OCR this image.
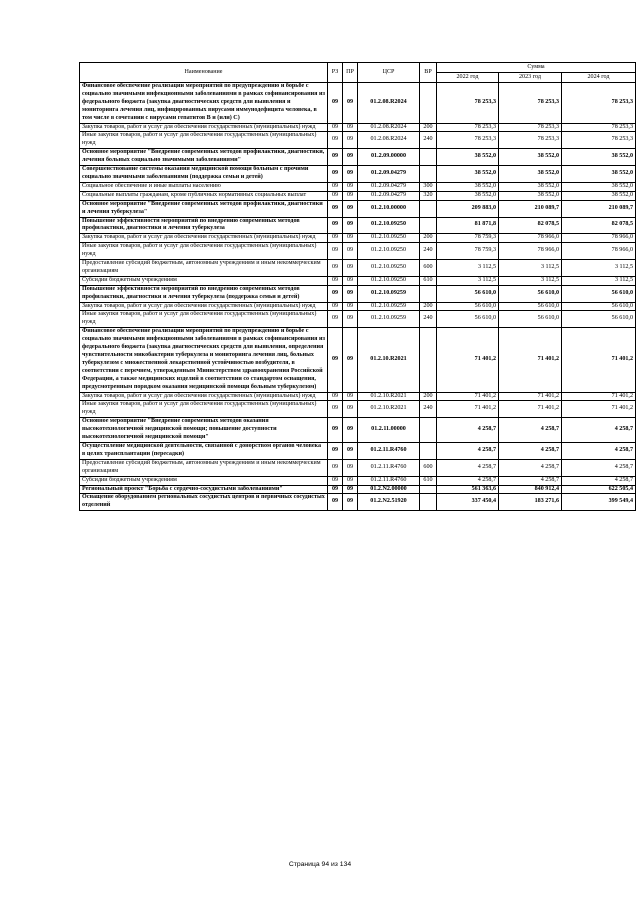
Наименование	РЗ	ПР	ЦСР	ВР	Сумма		
					2022 год	2023 год	2024 год
Финансовое обеспечение реализации мероприятий по предупреждению и борьбе с социально значимыми инфекционными заболеваниями в рамках софинансирования из федерального бюджета (закупка диагностических средств для выявления и мониторинга лечения лиц, инфицированных вирусами иммунодефицита человека, в том числе в сочетании с вирусами гепатитов В и (или) С)	09	09	01.2.08.R2024		78 253,3	78 253,3	78 253,3
Закупка товаров, работ и услуг для обеспечения государственных (муниципальных) нужд	09	09	01.2.08.R2024	200	78 253,3	78 253,3	78 253,3
Иные закупки товаров, работ и услуг для обеспечения государственных (муниципальных) нужд	09	09	01.2.08.R2024	240	78 253,3	78 253,3	78 253,3
Основное мероприятие "Внедрение современных методов профилактики, диагностики, лечения больных социально значимыми заболеваниями"	09	09	01.2.09.00000		38 552,0	38 552,0	38 552,0
Совершенствование системы оказания медицинской помощи больным с прочими социально значимыми заболеваниями (поддержка семьи и детей)	09	09	01.2.09.04279		38 552,0	38 552,0	38 552,0
Социальное обеспечение и иные выплаты населению	09	09	01.2.09.04279	300	38 552,0	38 552,0	38 552,0
Социальные выплаты гражданам, кроме публичных нормативных социальных выплат	09	09	01.2.09.04279	320	38 552,0	38 552,0	38 552,0
Основное мероприятие "Внедрение современных методов профилактики, диагностики и лечения туберкулеза"	09	09	01.2.10.00000		209 883,0	210 089,7	210 089,7
Повышение эффективности мероприятий по внедрению современных методов профилактики, диагностики и лечения туберкулеза	09	09	01.2.10.09250		81 871,8	82 078,5	82 078,5
Закупка товаров, работ и услуг для обеспечения государственных (муниципальных) нужд	09	09	01.2.10.09250	200	78 759,3	78 966,0	78 966,0
Иные закупки товаров, работ и услуг для обеспечения государственных (муниципальных) нужд	09	09	01.2.10.09250	240	78 759,3	78 966,0	78 966,0
Предоставление субсидий бюджетным, автономным учреждениям и иным некоммерческим организациям	09	09	01.2.10.09250	600	3 112,5	3 112,5	3 112,5
Субсидии бюджетным учреждениям	09	09	01.2.10.09250	610	3 112,5	3 112,5	3 112,5
Повышение эффективности мероприятий по внедрению современных методов профилактики, диагностики и лечения туберкулеза (поддержка семьи и детей)	09	09	01.2.10.09259		56 610,0	56 610,0	56 610,0
Закупка товаров, работ и услуг для обеспечения государственных (муниципальных) нужд	09	09	01.2.10.09259	200	56 610,0	56 610,0	56 610,0
Иные закупки товаров, работ и услуг для обеспечения государственных (муниципальных) нужд	09	09	01.2.10.09259	240	56 610,0	56 610,0	56 610,0
Финансовое обеспечение реализации мероприятий по предупреждению и борьбе с социально значимыми инфекционными заболеваниями в рамках софинансирования из федерального бюджета (закупка диагностических средств для выявления, определения чувствительности микобактерии туберкулеза и мониторинга лечения лиц, больных туберкулезом с множественной лекарственной устойчивостью возбудителя, в соответствии с перечнем, утвержденным Министерством здравоохранения Российской Федерации, а также медицинских изделий в соответствии со стандартом оснащения, предусмотренным порядком оказания медицинской помощи больным туберкулезом)	09	09	01.2.10.R2021		71 401,2	71 401,2	71 401,2
Закупка товаров, работ и услуг для обеспечения государственных (муниципальных) нужд	09	09	01.2.10.R2021	200	71 401,2	71 401,2	71 401,2
Иные закупки товаров, работ и услуг для обеспечения государственных (муниципальных) нужд	09	09	01.2.10.R2021	240	71 401,2	71 401,2	71 401,2
Основное мероприятие "Внедрение современных методов оказания высокотехнологичной медицинской помощи; повышение доступности высокотехнологичной медицинской помощи"	09	09	01.2.11.00000		4 258,7	4 258,7	4 258,7
Осуществление медицинской деятельности, связанной с донорством органов человека в целях трансплантации (пересадки)	09	09	01.2.11.R4760		4 258,7	4 258,7	4 258,7
Предоставление субсидий бюджетным, автономным учреждениям и иным некоммерческим организациям	09	09	01.2.11.R4760	600	4 258,7	4 258,7	4 258,7
Субсидии бюджетным учреждениям	09	09	01.2.11.R4760	610	4 258,7	4 258,7	4 258,7
Региональный проект "Борьба с сердечно-сосудистыми заболеваниями"	09	09	01.2.N2.00000		561 363,6	840 912,4	622 505,4
Оснащение оборудованием региональных сосудистых центров и первичных сосудистых отделений	09	09	01.2.N2.51920		337 450,4	183 271,6	399 549,4
Страница 94 из 134
